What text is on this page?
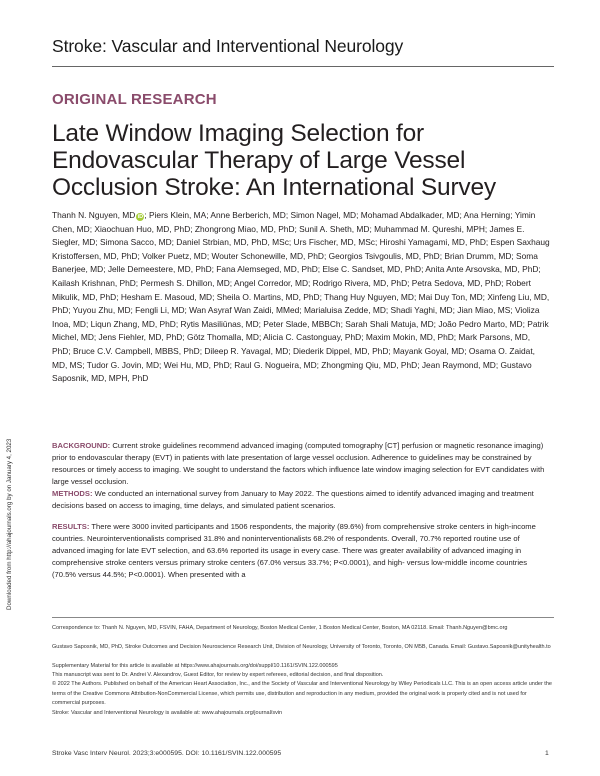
Stroke: Vascular and Interventional Neurology
ORIGINAL RESEARCH
Late Window Imaging Selection for Endovascular Therapy of Large Vessel Occlusion Stroke: An International Survey
Thanh N. Nguyen, MD iD; Piers Klein, MA; Anne Berberich, MD; Simon Nagel, MD; Mohamad Abdalkader, MD; Ana Herning; Yimin Chen, MD; Xiaochuan Huo, MD, PhD; Zhongrong Miao, MD, PhD; Sunil A. Sheth, MD; Muhammad M. Qureshi, MPH; James E. Siegler, MD; Simona Sacco, MD; Daniel Strbian, MD, PhD, MSc; Urs Fischer, MD, MSc; Hiroshi Yamagami, MD, PhD; Espen Saxhaug Kristoffersen, MD, PhD; Volker Puetz, MD; Wouter Schonewille, MD, PhD; Georgios Tsivgoulis, MD, PhD; Brian Drumm, MD; Soma Banerjee, MD; Jelle Demeestere, MD, PhD; Fana Alemseged, MD, PhD; Else C. Sandset, MD, PhD; Anita Ante Arsovska, MD, PhD; Kailash Krishnan, PhD; Permesh S. Dhillon, MD; Angel Corredor, MD; Rodrigo Rivera, MD, PhD; Petra Sedova, MD, PhD; Robert Mikulik, MD, PhD; Hesham E. Masoud, MD; Sheila O. Martins, MD, PhD; Thang Huy Nguyen, MD; Mai Duy Ton, MD; Xinfeng Liu, MD, PhD; Yuyou Zhu, MD; Fengli Li, MD; Wan Asyraf Wan Zaidi, MMed; Marialuisa Zedde, MD; Shadi Yaghi, MD; Jian Miao, MS; Violiza Inoa, MD; Liqun Zhang, MD, PhD; Rytis Masiliūnas, MD; Peter Slade, MBBCh; Sarah Shali Matuja, MD; João Pedro Marto, MD; Patrik Michel, MD; Jens Fiehler, MD, PhD; Götz Thomalla, MD; Alicia C. Castonguay, PhD; Maxim Mokin, MD, PhD; Mark Parsons, MD, PhD; Bruce C.V. Campbell, MBBS, PhD; Dileep R. Yavagal, MD; Diederik Dippel, MD, PhD; Mayank Goyal, MD; Osama O. Zaidat, MD, MS; Tudor G. Jovin, MD; Wei Hu, MD, PhD; Raul G. Nogueira, MD; Zhongming Qiu, MD, PhD; Jean Raymond, MD; Gustavo Saposnik, MD, MPH, PhD

BACKGROUND: Current stroke guidelines recommend advanced imaging (computed tomography [CT] perfusion or magnetic resonance imaging) prior to endovascular therapy (EVT) in patients with late presentation of large vessel occlusion. Adherence to guidelines may be constrained by resources or timely access to imaging. We sought to understand the factors which influence late window imaging selection for EVT candidates with large vessel occlusion.

METHODS: We conducted an international survey from January to May 2022. The questions aimed to identify advanced imaging and treatment decisions based on access to imaging, time delays, and simulated patient scenarios.

RESULTS: There were 3000 invited participants and 1506 respondents, the majority (89.6%) from comprehensive stroke centers in high-income countries. Neurointerventionalists comprised 31.8% and noninterventionalists 68.2% of respondents. Overall, 70.7% reported routine use of advanced imaging for late EVT selection, and 63.6% reported its usage in every case. There was greater availability of advanced imaging in comprehensive stroke centers versus primary stroke centers (67.0% versus 33.7%; P<0.0001), and high- versus low-middle income countries (70.5% versus 44.5%; P<0.0001). When presented with a

Downloaded from http://ahajournals.org by on January 4, 2023

Correspondence to: Thanh N. Nguyen, MD, FSVIN, FAHA, Department of Neurology, Boston Medical Center, 1 Boston Medical Center, Boston, MA 02118. Email: Thanh.Nguyen@bmc.org

Gustavo Saposnik, MD, PhD, Stroke Outcomes and Decision Neuroscience Research Unit, Division of Neurology, University of Toronto, Toronto, ON M5B, Canada. Email: Gustavo.Saposnik@unityhealth.to

Supplementary Material for this article is available at https://www.ahajournals.org/doi/suppl/10.1161/SVIN.122.000595

This manuscript was sent to Dr. Andrei V. Alexandrov, Guest Editor, for review by expert referees, editorial decision, and final disposition.

© 2022 The Authors. Published on behalf of the American Heart Association, Inc., and the Society of Vascular and Interventional Neurology by Wiley Periodicals LLC. This is an open access article under the terms of the Creative Commons Attribution-NonCommercial License, which permits use, distribution and reproduction in any medium, provided the original work is properly cited and is not used for commercial purposes.
Stroke: Vascular and Interventional Neurology is available at: www.ahajournals.org/journal/svin

Stroke Vasc Interv Neurol. 2023;3:e000595. DOI: 10.1161/SVIN.122.000595	1
